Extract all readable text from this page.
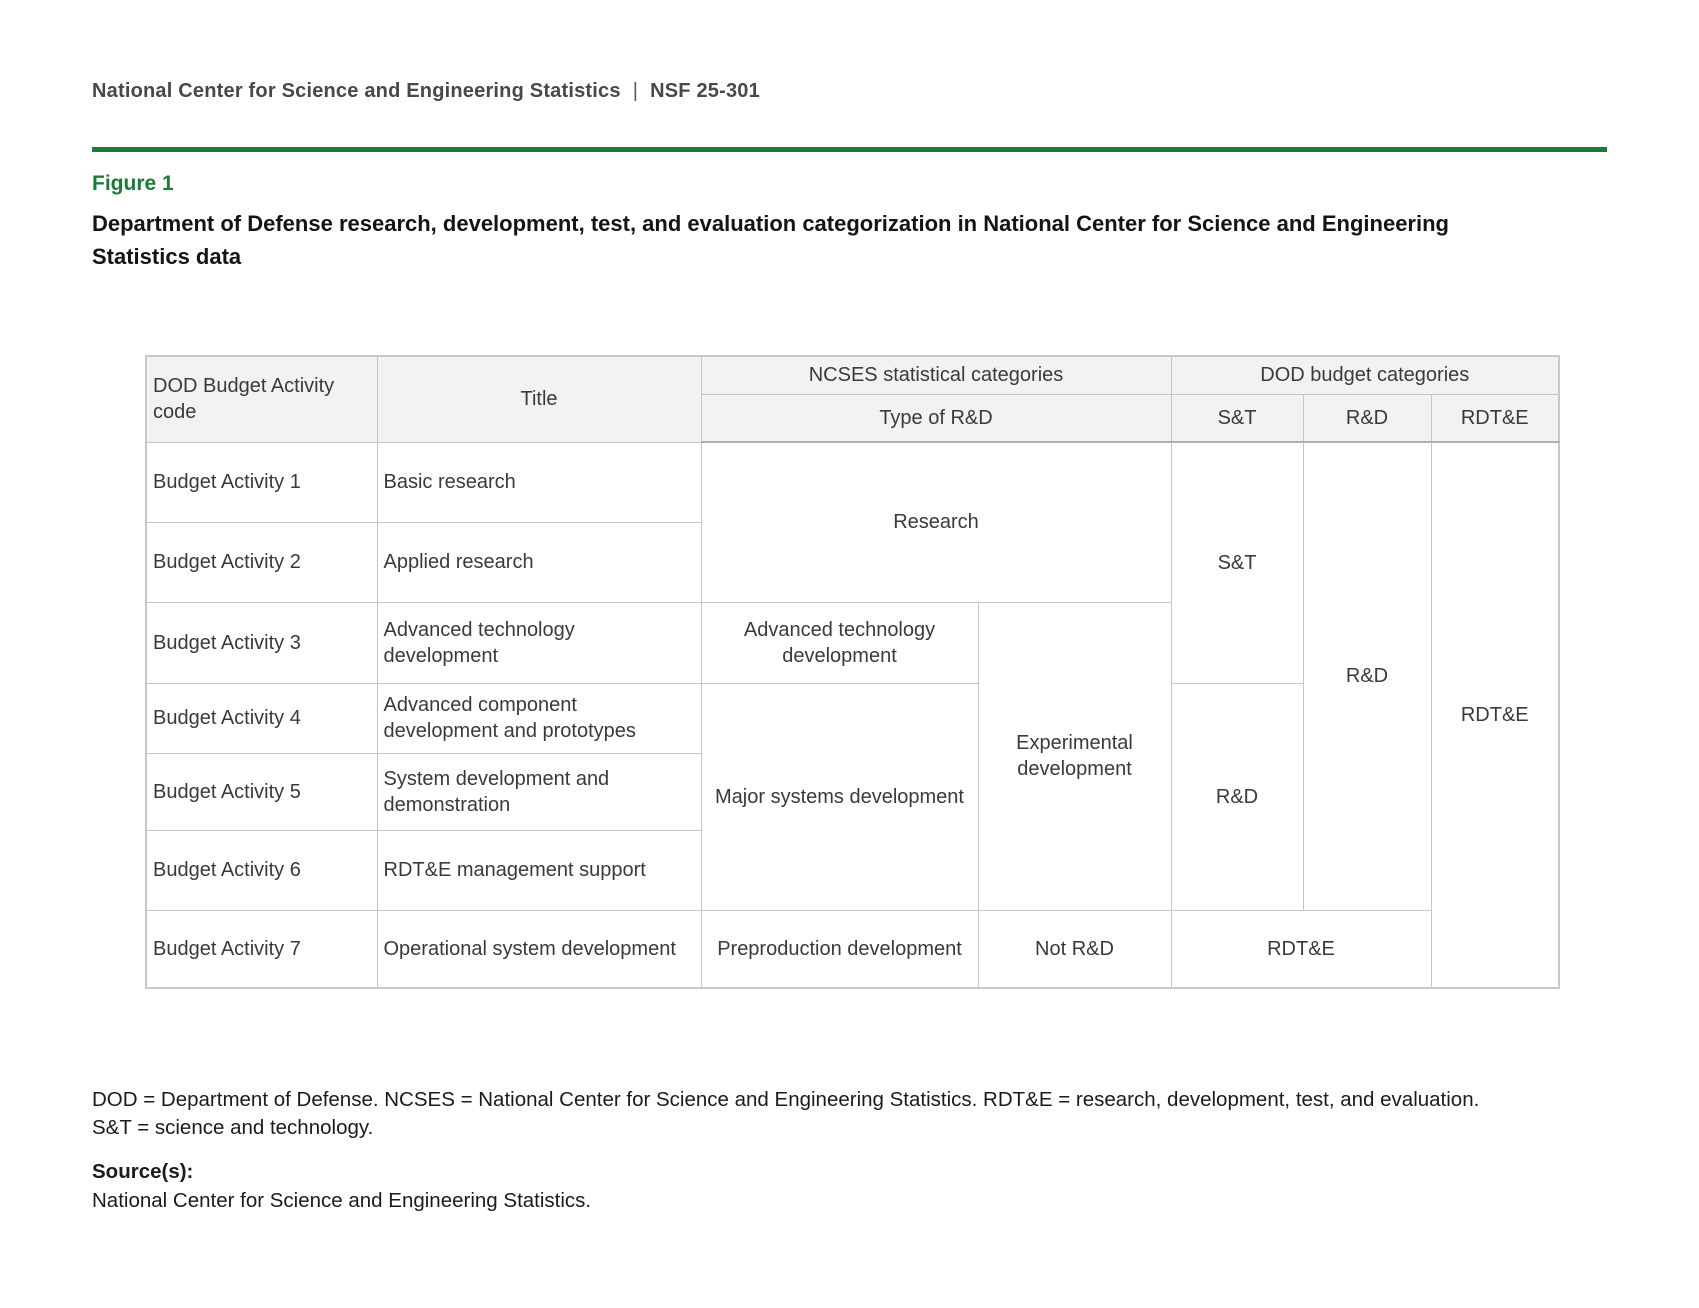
National Center for Science and Engineering Statistics | NSF 25-301
Figure 1
Department of Defense research, development, test, and evaluation categorization in National Center for Science and Engineering Statistics data
DOD Budget Activity code	Title	NCSES statistical categories		DOD budget categories		
		Type of R&D		S&T	R&D	RDT&E
Budget Activity 1	Basic research	Research		S&T	R&D	RDT&E
Budget Activity 2	Applied research					
Budget Activity 3	Advanced technology development	Advanced technology development	Experimental development			
Budget Activity 4	Advanced component development and prototypes	Major systems development		R&D		
Budget Activity 5	System development and demonstration					
Budget Activity 6	RDT&E management support					
Budget Activity 7	Operational system development	Preproduction development	Not R&D	RDT&E		
DOD = Department of Defense. NCSES = National Center for Science and Engineering Statistics. RDT&E = research, development, test, and evaluation. S&T = science and technology.
Source(s):
National Center for Science and Engineering Statistics.
